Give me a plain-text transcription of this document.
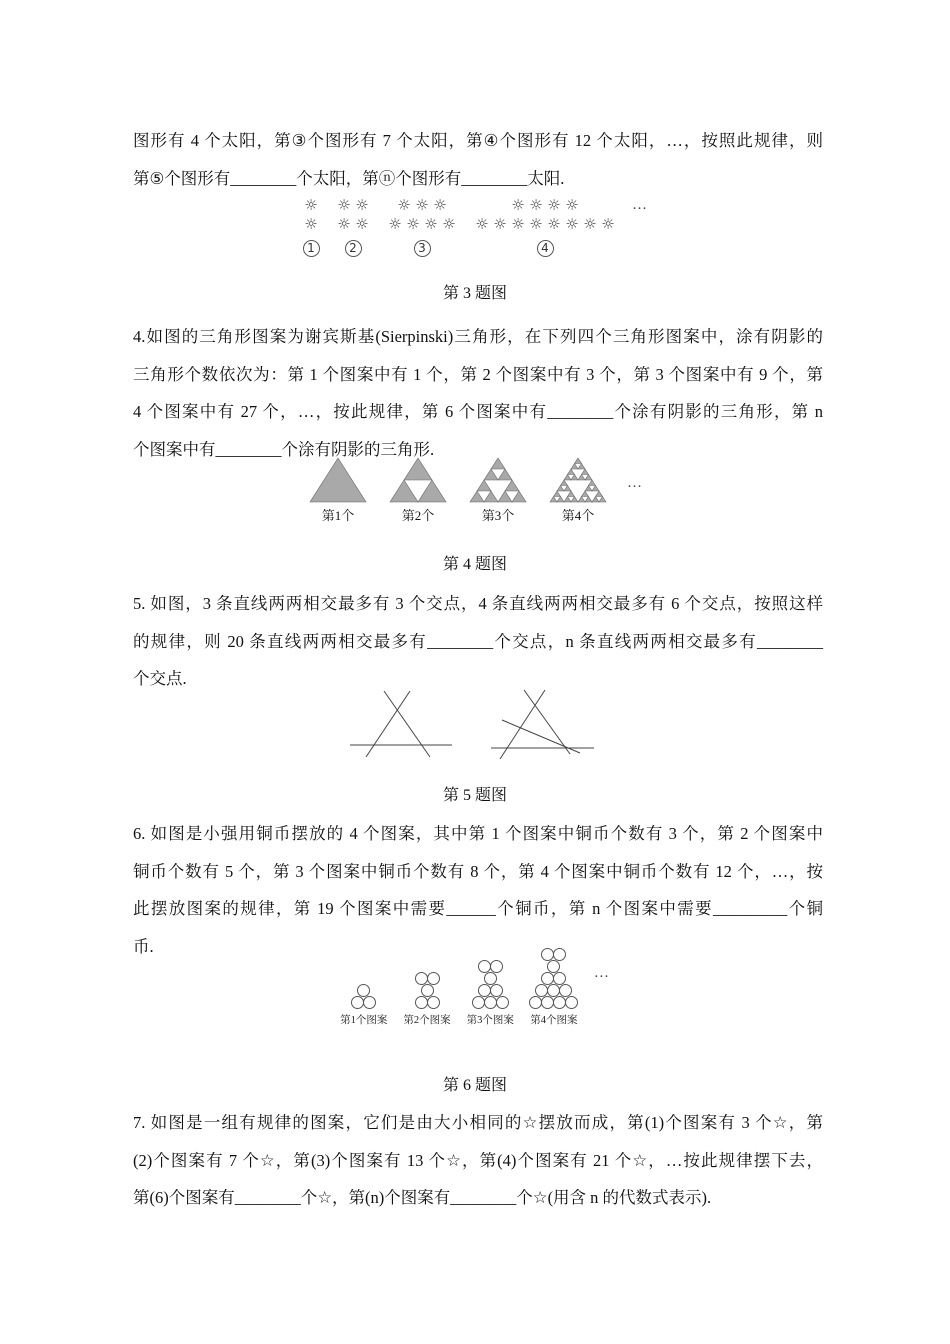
图形有 4 个太阳，第③个图形有 7 个太阳，第④个图形有 12 个太阳，…，按照此规律，则
第⑤个图形有________个太阳，第ⓝ个图形有________太阳.
☼
☼
1
☼ ☼
☼ ☼
2
☼ ☼ ☼
☼ ☼ ☼ ☼
3
☼ ☼ ☼ ☼
☼ ☼ ☼ ☼ ☼ ☼ ☼ ☼
4
…
第 3 题图
4.如图的三角形图案为谢宾斯基(Sierpinski)三角形，在下列四个三角形图案中，涂有阴影的
三角形个数依次为：第 1 个图案中有 1 个，第 2 个图案中有 3 个，第 3 个图案中有 9 个，第
4 个图案中有 27 个，…，按此规律，第 6 个图案中有________个涂有阴影的三角形，第 n
个图案中有________个涂有阴影的三角形.
第1个	第2个	第3个	第4个
…
第 4 题图
5. 如图，3 条直线两两相交最多有 3 个交点，4 条直线两两相交最多有 6 个交点，按照这样
的规律，则 20 条直线两两相交最多有________个交点，n 条直线两两相交最多有________
个交点.
第 5 题图
6. 如图是小强用铜币摆放的 4 个图案，其中第 1 个图案中铜币个数有 3 个，第 2 个图案中
铜币个数有 5 个，第 3 个图案中铜币个数有 8 个，第 4 个图案中铜币个数有 12 个，…，按
此摆放图案的规律，第 19 个图案中需要______个铜币，第 n 个图案中需要_________个铜
币.
第1个图案 第2个图案 第3个图案 第4个图案
…
第 6 题图
7. 如图是一组有规律的图案，它们是由大小相同的☆摆放而成，第(1)个图案有 3 个☆，第
(2)个图案有 7 个☆，第(3)个图案有 13 个☆，第(4)个图案有 21 个☆，…按此规律摆下去，
第(6)个图案有________个☆，第(n)个图案有________个☆(用含 n 的代数式表示).
